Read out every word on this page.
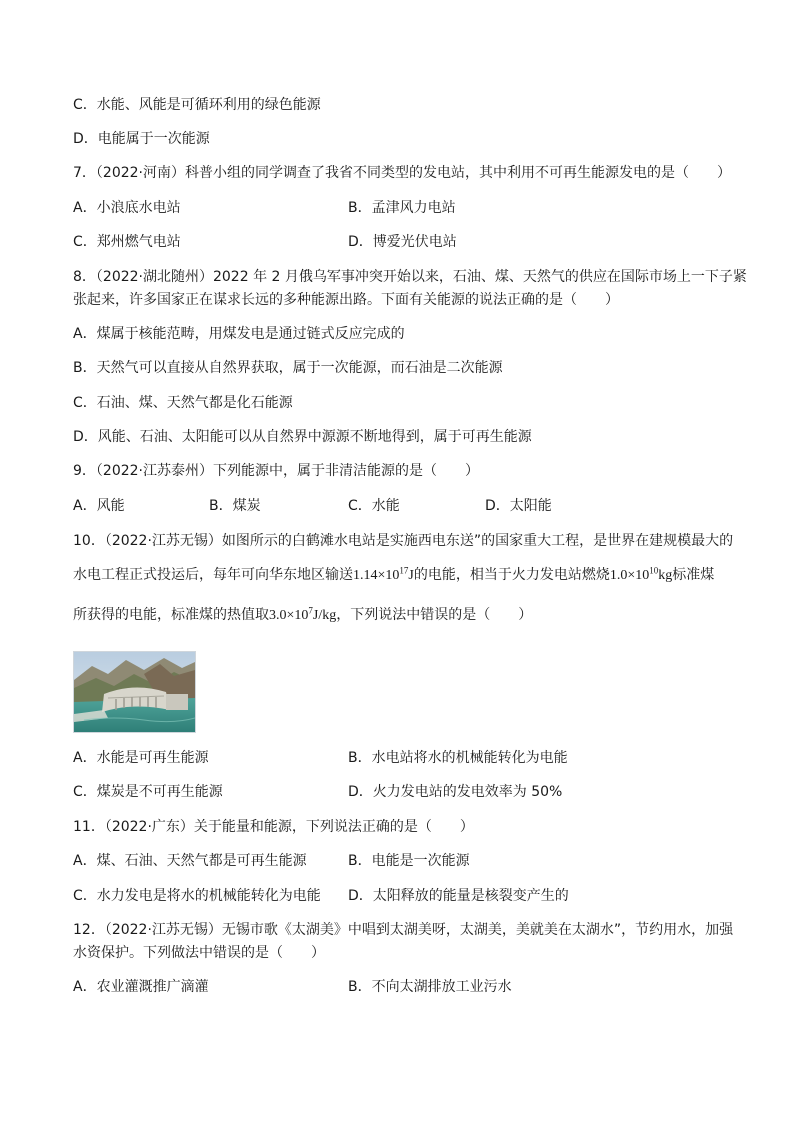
C．水能、风能是可循环利用的绿色能源
D．电能属于一次能源
7．（2022·河南）科普小组的同学调查了我省不同类型的发电站，其中利用不可再生能源发电的是（　　）
A．小浪底水电站	B．孟津风力电站
C．郑州燃气电站	D．博爱光伏电站
8．（2022·湖北随州）2022 年 2 月俄乌军事冲突开始以来，石油、煤、天然气的供应在国际市场上一下子紧
张起来，许多国家正在谋求长远的多种能源出路。下面有关能源的说法正确的是（　　）
A．煤属于核能范畴，用煤发电是通过链式反应完成的
B．天然气可以直接从自然界获取，属于一次能源，而石油是二次能源
C．石油、煤、天然气都是化石能源
D．风能、石油、太阳能可以从自然界中源源不断地得到，属于可再生能源
9．（2022·江苏泰州）下列能源中，属于非清洁能源的是（　　）
A．风能	B．煤炭	C．水能	D．太阳能
10．（2022·江苏无锡）如图所示的白鹤滩水电站是实施西电东送”的国家重大工程，是世界在建规模最大的
水电工程正式投运后，每年可向华东地区输送$1.14\times 10^{17}J$的电能，相当于火力发电站燃烧$1.0\times 10^{10}kg$标准煤
所获得的电能，标准煤的热值取$3.0\times 10^7J/kg$，下列说法中错误的是（　　）
A．水能是可再生能源	B．水电站将水的机械能转化为电能
C．煤炭是不可再生能源	D．火力发电站的发电效率为 50%
11．（2022·广东）关于能量和能源，下列说法正确的是（　　）
A．煤、石油、天然气都是可再生能源	B．电能是一次能源
C．水力发电是将水的机械能转化为电能 D．太阳释放的能量是核裂变产生的
12．（2022·江苏无锡）无锡市歌《太湖美》中唱到太湖美呀，太湖美，美就美在太湖水”，节约用水，加强
水资保护。下列做法中错误的是（　　）
A．农业灌溉推广滴灌	B．不向太湖排放工业污水
